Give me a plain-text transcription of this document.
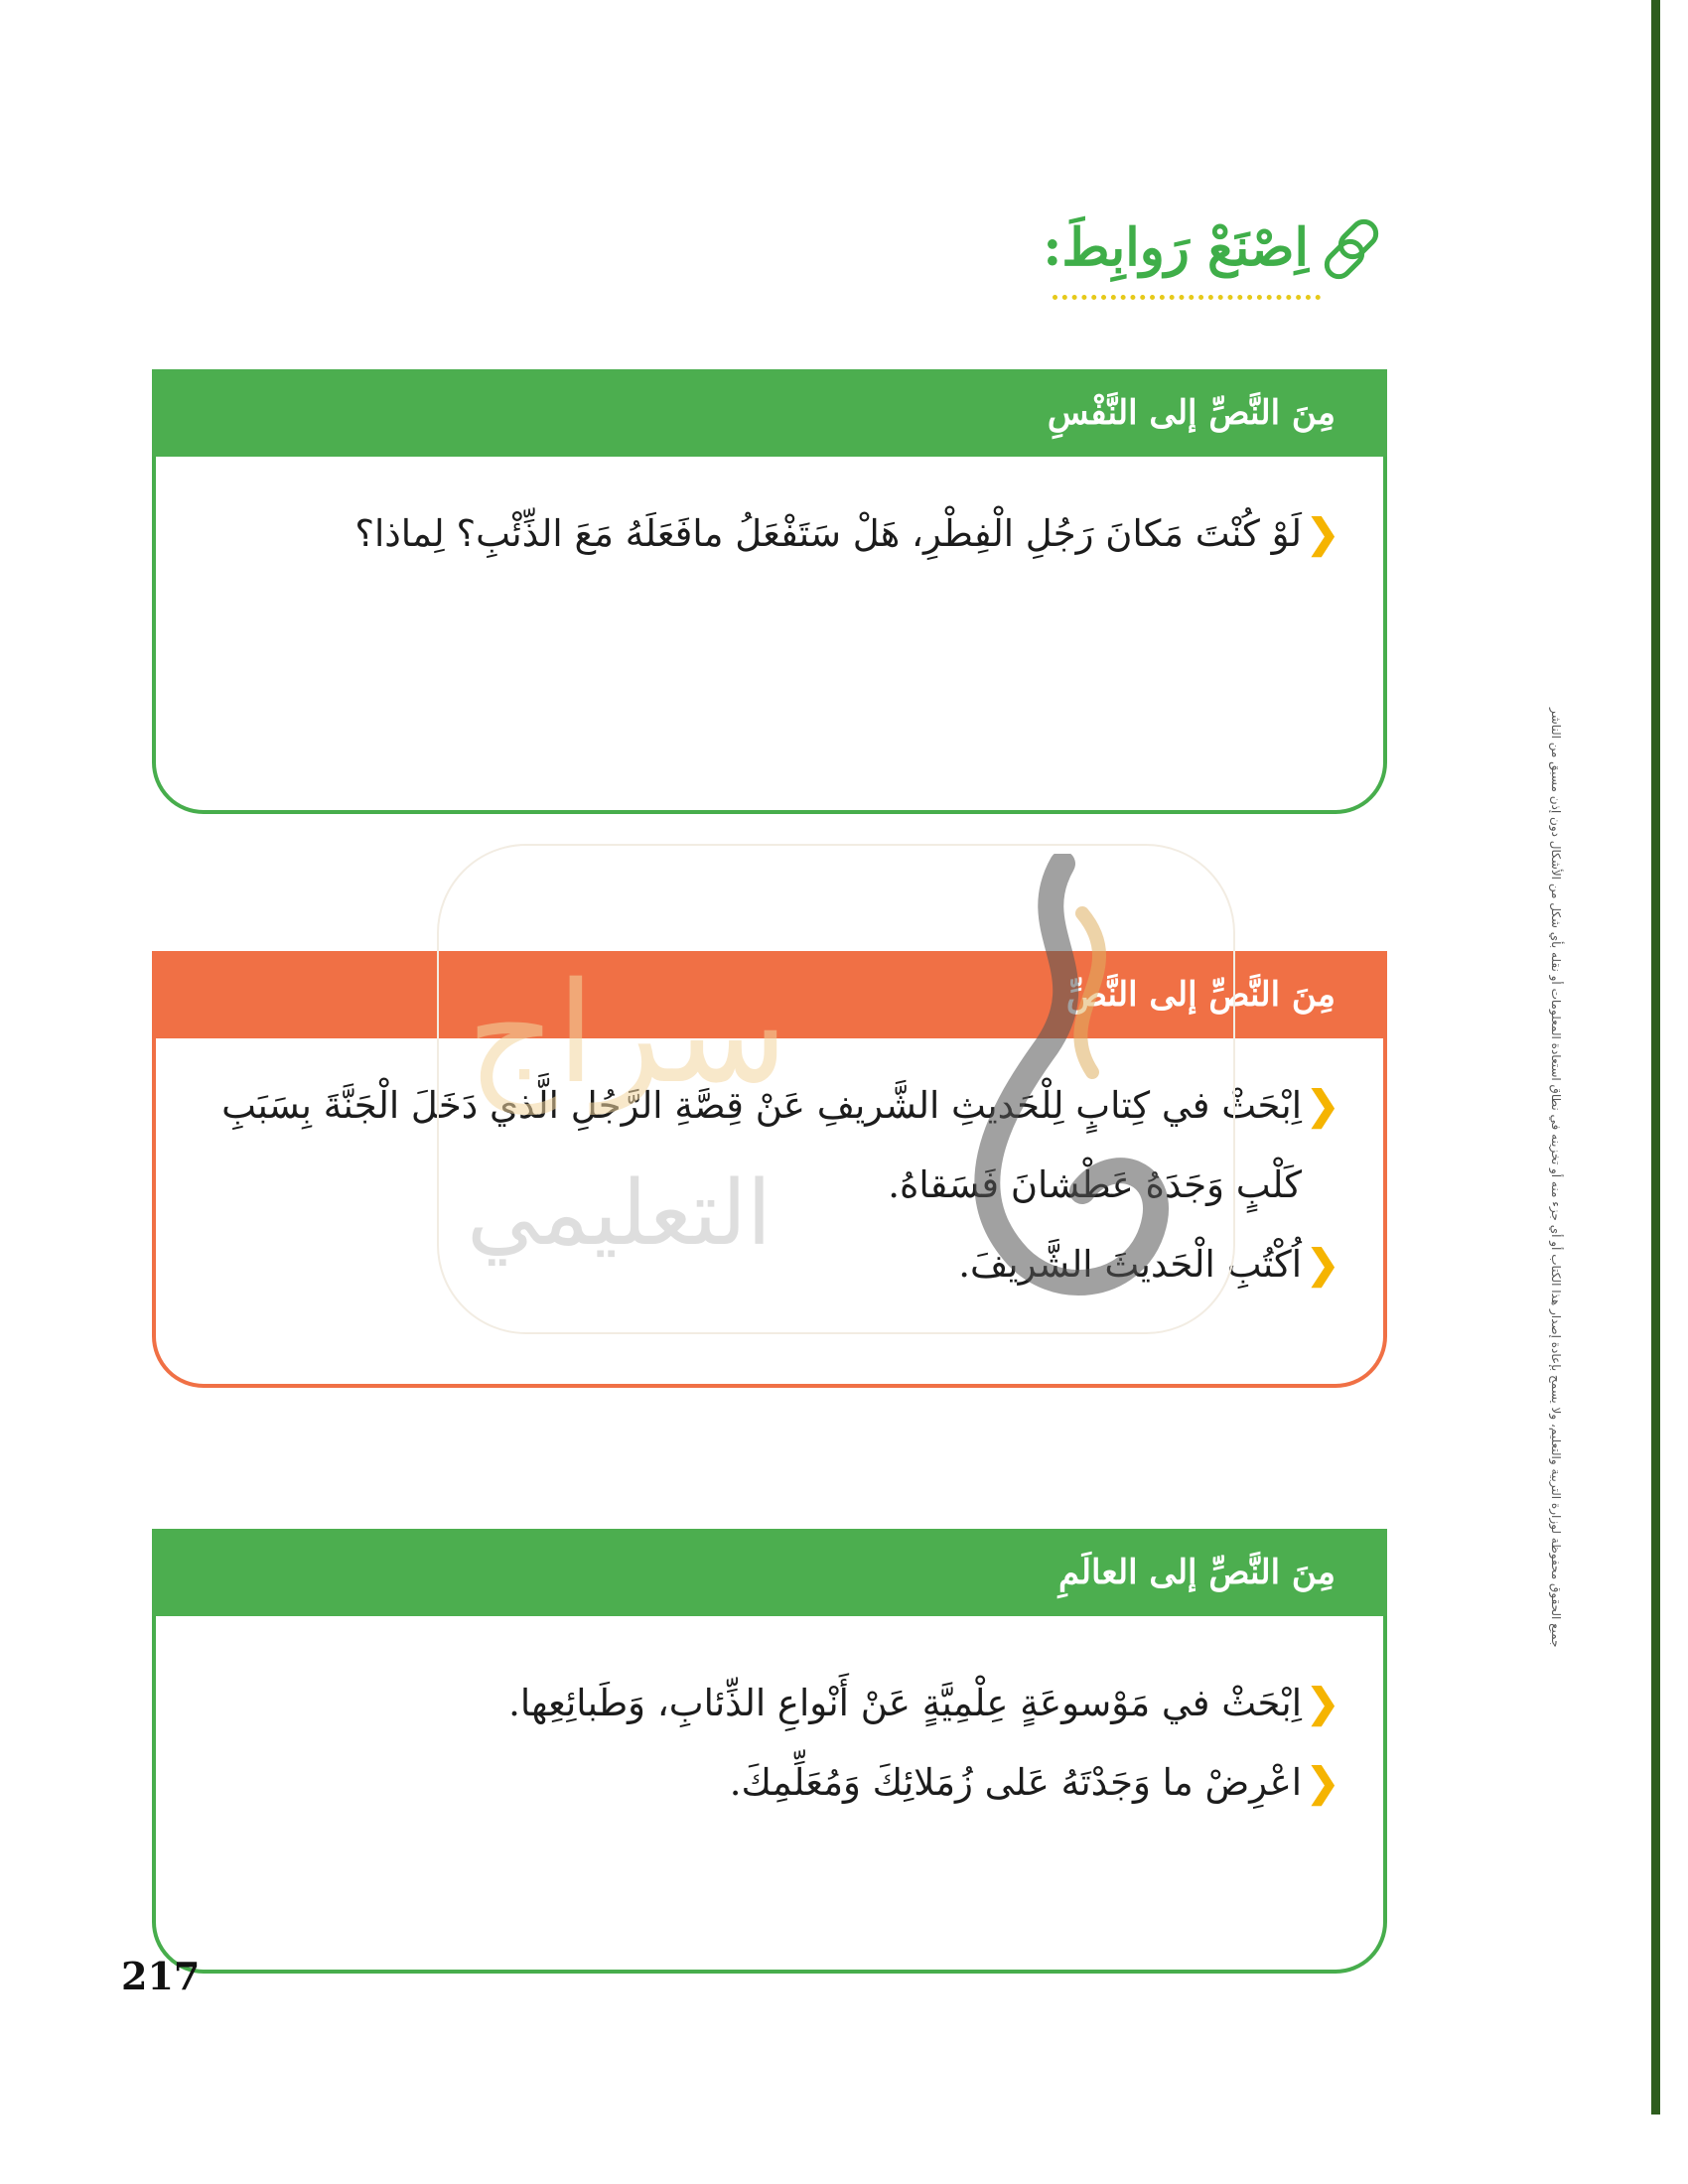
جميع الحقوق محفوظة لوزارة التربية والتعليم، ولا يسمح بإعادة إصدار هذا الكتاب أو أي جزء منه أو تخزينه في نطاق استعادة المعلومات أو نقله بأي شكل من الأشكال دون إذن مسبق من الناشر
اِصْنَعْ رَوابِطَ:
مِنَ النَّصِّ إلى النَّفْسِ
❮
لَوْ كُنْتَ مَكانَ رَجُلِ الْفِطْرِ، هَلْ سَتَفْعَلُ مافَعَلَهُ مَعَ الذِّئْبِ؟ لِماذا؟
مِنَ النَّصِّ إلى النَّصِّ
❮
اِبْحَثْ في كِتابٍ لِلْحَديثِ الشَّريفِ عَنْ قِصَّةِ الرَّجُلِ الَّذي دَخَلَ الْجَنَّةَ بِسَبَبِ
كَلْبٍ وَجَدَهُ عَطْشانَ فَسَقاهُ.
❮
اُكْتُبِ الْحَديثَ الشَّريفَ.
مِنَ النَّصِّ إلى العالَمِ
❮
اِبْحَثْ في مَوْسوعَةٍ عِلْمِيَّةٍ عَنْ أَنْواعِ الذِّئابِ، وَطَبائِعِها.
❮
اعْرِضْ ما وَجَدْتَهُ عَلى زُمَلائِكَ وَمُعَلِّمِكَ.
سراج
التعليمي
217
